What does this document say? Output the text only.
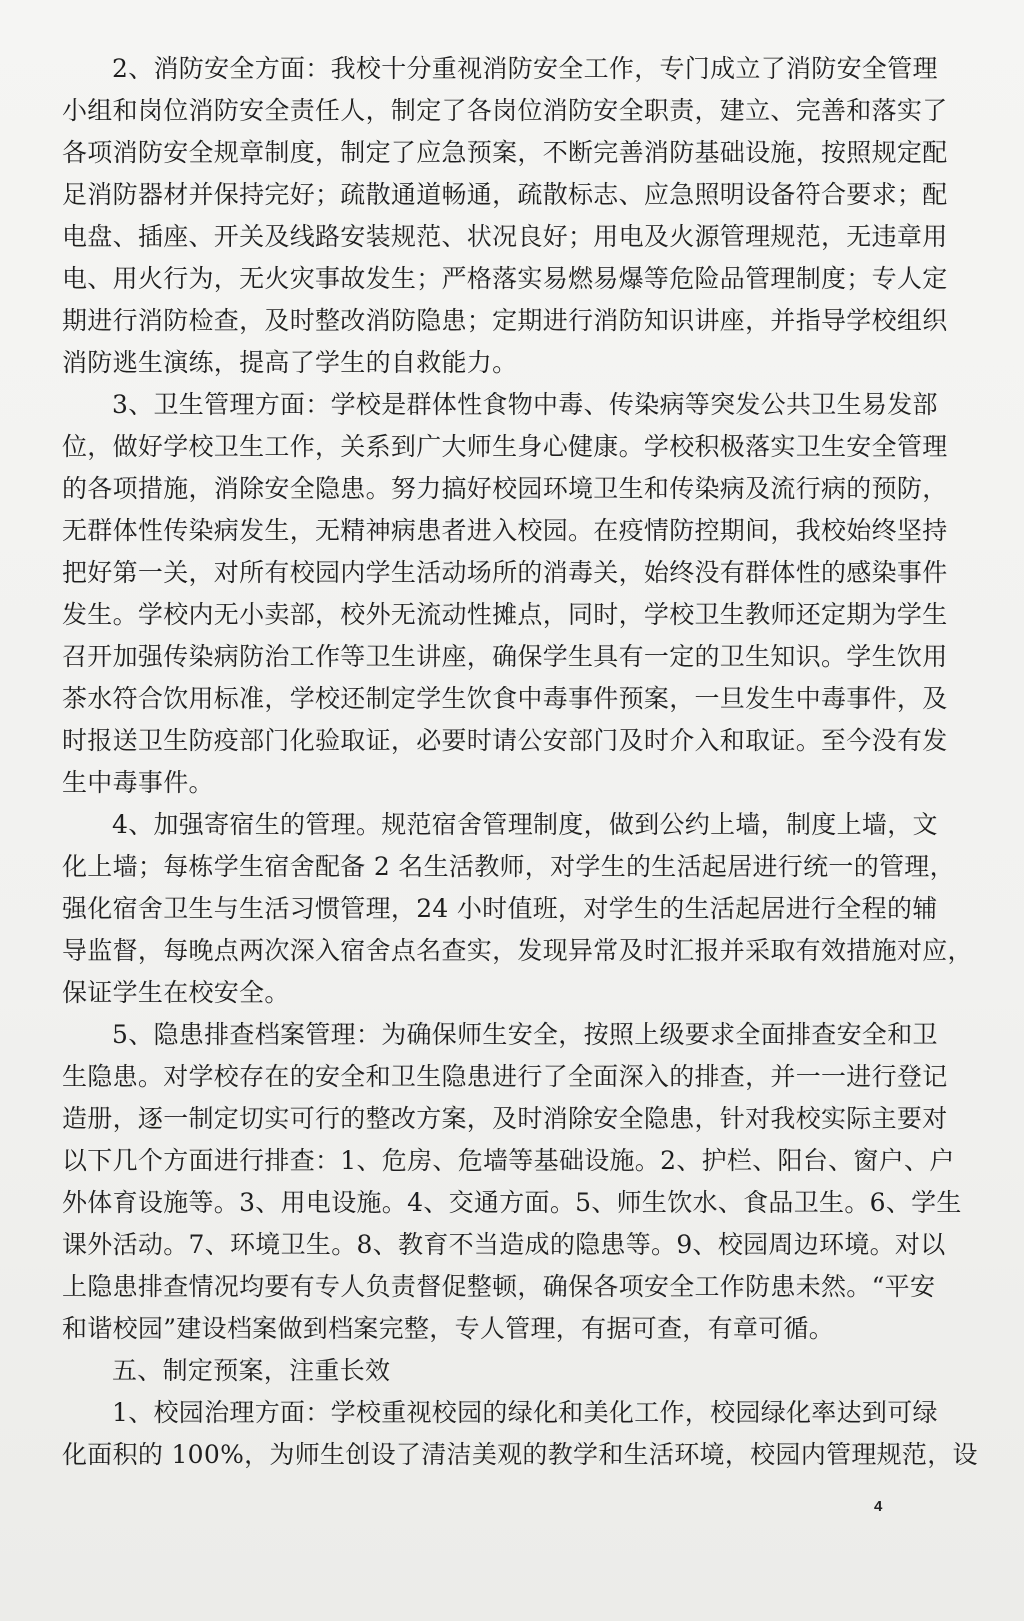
2、消防安全方面：我校十分重视消防安全工作，专门成立了消防安全管理
小组和岗位消防安全责任人，制定了各岗位消防安全职责，建立、完善和落实了
各项消防安全规章制度，制定了应急预案，不断完善消防基础设施，按照规定配
足消防器材并保持完好；疏散通道畅通，疏散标志、应急照明设备符合要求；配
电盘、插座、开关及线路安装规范、状况良好；用电及火源管理规范，无违章用
电、用火行为，无火灾事故发生；严格落实易燃易爆等危险品管理制度；专人定
期进行消防检查，及时整改消防隐患；定期进行消防知识讲座，并指导学校组织
消防逃生演练，提高了学生的自救能力。
3、卫生管理方面：学校是群体性食物中毒、传染病等突发公共卫生易发部
位，做好学校卫生工作，关系到广大师生身心健康。学校积极落实卫生安全管理
的各项措施，消除安全隐患。努力搞好校园环境卫生和传染病及流行病的预防，
无群体性传染病发生，无精神病患者进入校园。在疫情防控期间，我校始终坚持
把好第一关，对所有校园内学生活动场所的消毒关，始终没有群体性的感染事件
发生。学校内无小卖部，校外无流动性摊点，同时，学校卫生教师还定期为学生
召开加强传染病防治工作等卫生讲座，确保学生具有一定的卫生知识。学生饮用
茶水符合饮用标准，学校还制定学生饮食中毒事件预案，一旦发生中毒事件，及
时报送卫生防疫部门化验取证，必要时请公安部门及时介入和取证。至今没有发
生中毒事件。
4、加强寄宿生的管理。规范宿舍管理制度，做到公约上墙，制度上墙，文
化上墙；每栋学生宿舍配备 2 名生活教师，对学生的生活起居进行统一的管理，
强化宿舍卫生与生活习惯管理，24 小时值班，对学生的生活起居进行全程的辅
导监督，每晚点两次深入宿舍点名查实，发现异常及时汇报并采取有效措施对应，
保证学生在校安全。
5、隐患排查档案管理：为确保师生安全，按照上级要求全面排查安全和卫
生隐患。对学校存在的安全和卫生隐患进行了全面深入的排查，并一一进行登记
造册，逐一制定切实可行的整改方案，及时消除安全隐患，针对我校实际主要对
以下几个方面进行排查：1、危房、危墙等基础设施。2、护栏、阳台、窗户、户
外体育设施等。3、用电设施。4、交通方面。5、师生饮水、食品卫生。6、学生
课外活动。7、环境卫生。8、教育不当造成的隐患等。9、校园周边环境。对以
上隐患排查情况均要有专人负责督促整顿，确保各项安全工作防患未然。“平安
和谐校园”建设档案做到档案完整，专人管理，有据可查，有章可循。
五、制定预案，注重长效
1、校园治理方面：学校重视校园的绿化和美化工作，校园绿化率达到可绿
化面积的 100%，为师生创设了清洁美观的教学和生活环境，校园内管理规范，设
4
